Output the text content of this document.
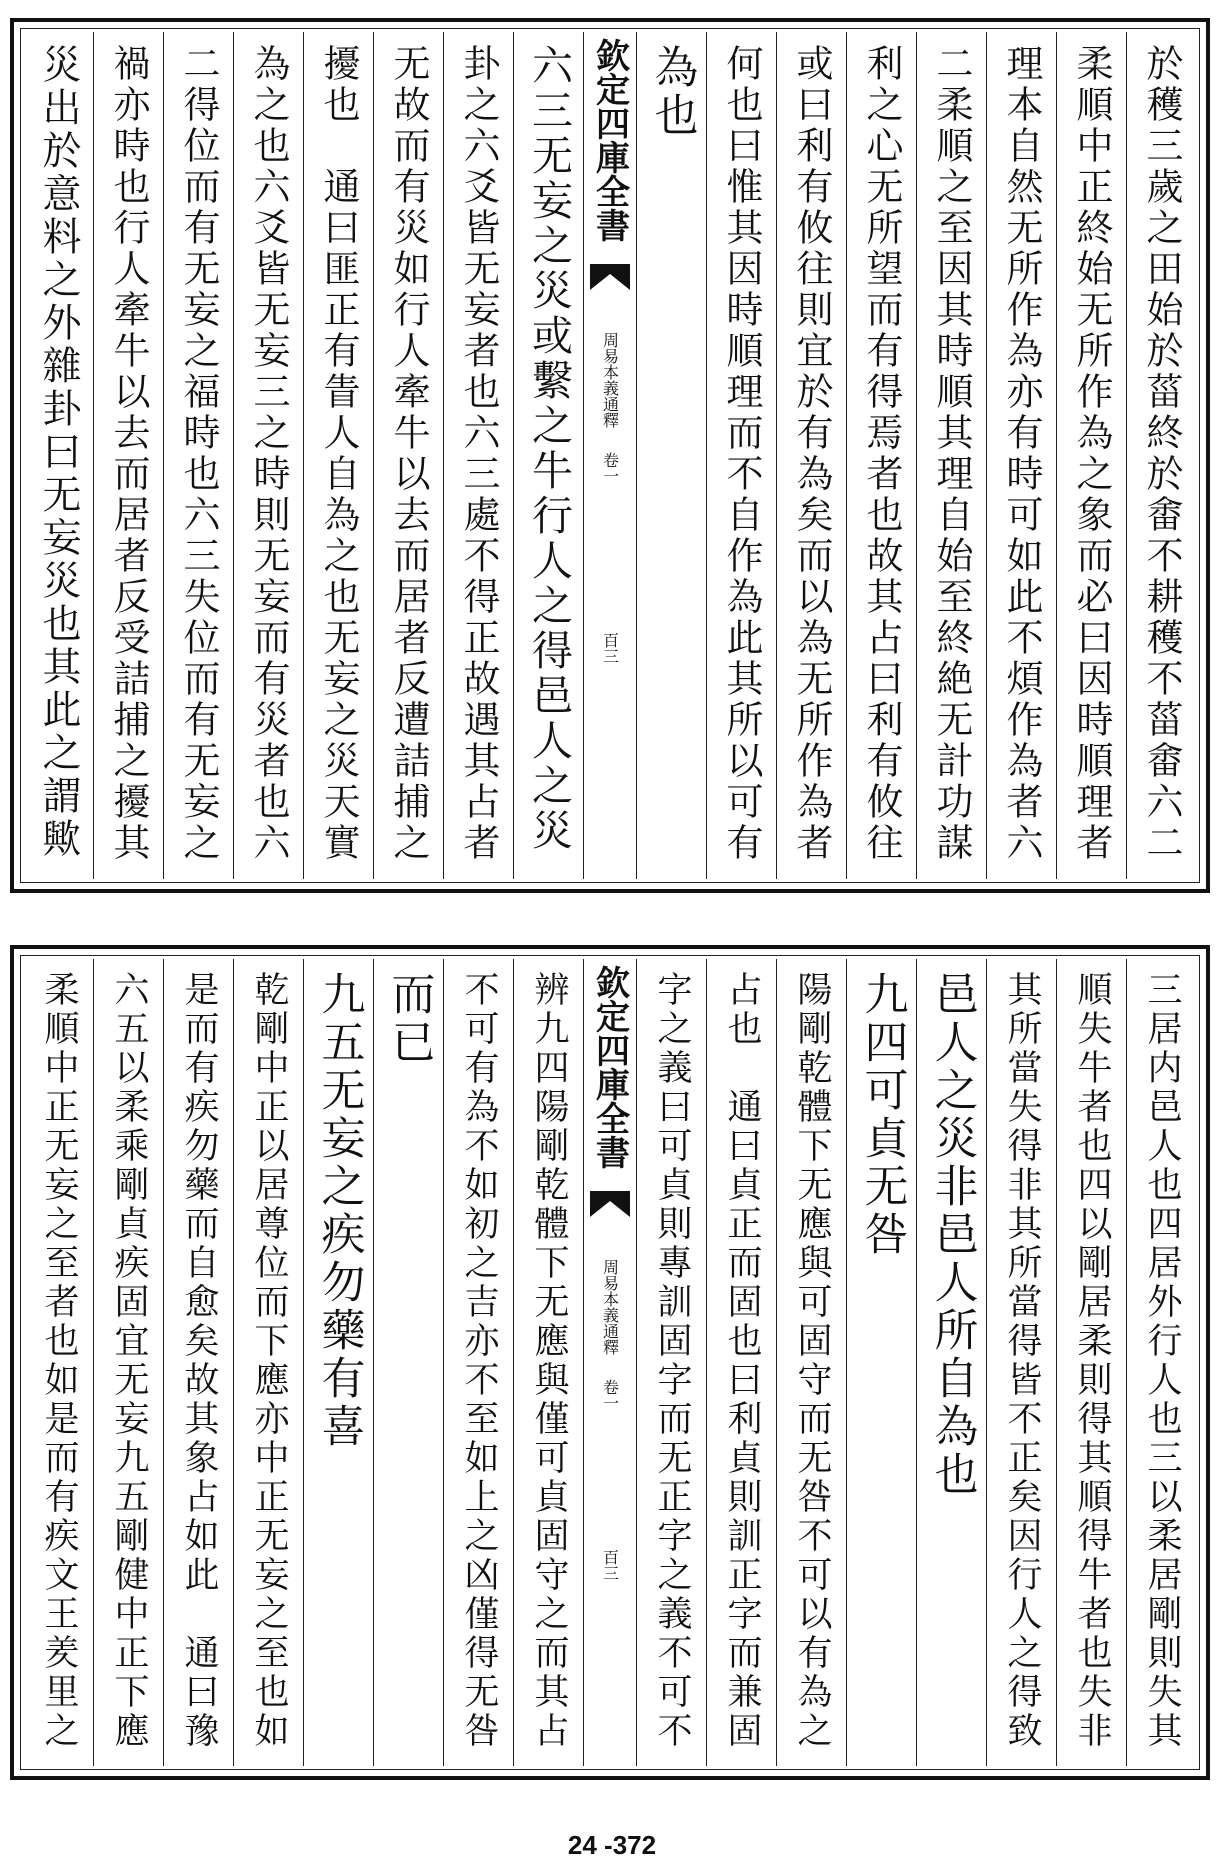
於穫三歲之田始於菑終於畬不耕穫不菑畬六二
柔順中正終始无所作為之象而必曰因時順理者
理本自然无所作為亦有時可如此不煩作為者六
二柔順之至因其時順其理自始至終絶无計功謀
利之心无所望而有得焉者也故其占曰利有攸往
或曰利有攸往則宜於有為矣而以為无所作為者
何也曰惟其因時順理而不自作為此其所以可有
為也
欽定四庫全書
周易本義通釋
卷一
百三
六三无妄之災或繫之牛行人之得邑人之災
卦之六爻皆无妄者也六三處不得正故遇其占者
无故而有災如行人牽牛以去而居者反遭詰捕之
擾也　通曰匪正有眚人自為之也无妄之災天實
為之也六爻皆无妄三之時則无妄而有災者也六
二得位而有无妄之福時也六三失位而有无妄之
禍亦時也行人牽牛以去而居者反受詰捕之擾其
災出於意料之外雜卦曰无妄災也其此之謂歟
三居内邑人也四居外行人也三以柔居剛則失其
順失牛者也四以剛居柔則得其順得牛者也失非
其所當失得非其所當得皆不正矣因行人之得致
邑人之災非邑人所自為也
九四可貞无咎
陽剛乾體下无應與可固守而无咎不可以有為之
占也　通曰貞正而固也曰利貞則訓正字而兼固
字之義曰可貞則專訓固字而无正字之義不可不
欽定四庫全書
周易本義通釋
卷一
百三
辨九四陽剛乾體下无應與僅可貞固守之而其占
不可有為不如初之吉亦不至如上之凶僅得无咎
而已
九五无妄之疾勿藥有喜
乾剛中正以居尊位而下應亦中正无妄之至也如
是而有疾勿藥而自愈矣故其象占如此　通曰豫
六五以柔乘剛貞疾固宜无妄九五剛健中正下應
柔順中正无妄之至者也如是而有疾文王羑里之
24 -372
